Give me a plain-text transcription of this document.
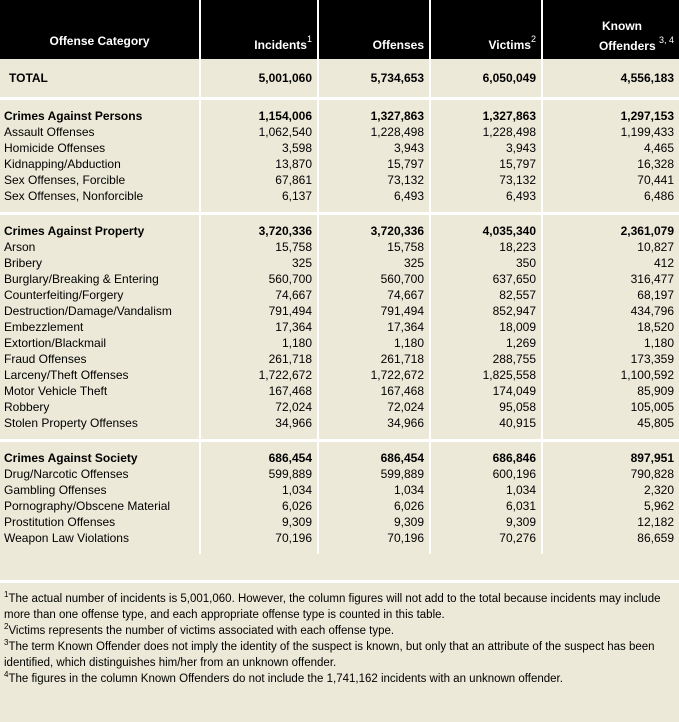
Offense Category	Incidents$^1$	Offenses	Victims$^2$	Known
Offenders $^{3, 4}$
TOTAL	5,001,060	5,734,653	6,050,049	4,556,183

Crimes Against Persons	1,154,006	1,327,863	1,327,863	1,297,153
Assault Offenses	1,062,540	1,228,498	1,228,498	1,199,433
Homicide Offenses	3,598	3,943	3,943	4,465
Kidnapping/Abduction	13,870	15,797	15,797	16,328
Sex Offenses, Forcible	67,861	73,132	73,132	70,441
Sex Offenses, Nonforcible	6,137	6,493	6,493	6,486

Crimes Against Property	3,720,336	3,720,336	4,035,340	2,361,079
Arson	15,758	15,758	18,223	10,827
Bribery	325	325	350	412
Burglary/Breaking & Entering	560,700	560,700	637,650	316,477
Counterfeiting/Forgery	74,667	74,667	82,557	68,197
Destruction/Damage/Vandalism	791,494	791,494	852,947	434,796
Embezzlement	17,364	17,364	18,009	18,520
Extortion/Blackmail	1,180	1,180	1,269	1,180
Fraud Offenses	261,718	261,718	288,755	173,359
Larceny/Theft Offenses	1,722,672	1,722,672	1,825,558	1,100,592
Motor Vehicle Theft	167,468	167,468	174,049	85,909
Robbery	72,024	72,024	95,058	105,005
Stolen Property Offenses	34,966	34,966	40,915	45,805

Crimes Against Society	686,454	686,454	686,846	897,951
Drug/Narcotic Offenses	599,889	599,889	600,196	790,828
Gambling Offenses	1,034	1,034	1,034	2,320
Pornography/Obscene Material	6,026	6,026	6,031	5,962
Prostitution Offenses	9,309	9,309	9,309	12,182
Weapon Law Violations	70,196	70,196	70,276	86,659

$^1$The actual number of incidents is 5,001,060. However, the column figures will not add to the total because incidents may include more than one offense type, and each appropriate offense type is counted in this table.

$^2$Victims represents the number of victims associated with each offense type.

$^3$The term Known Offender does not imply the identity of the suspect is known, but only that an attribute of the suspect has been identified, which distinguishes him/her from an unknown offender.

$^4$The figures in the column Known Offenders do not include the 1,741,162 incidents with an unknown offender.
